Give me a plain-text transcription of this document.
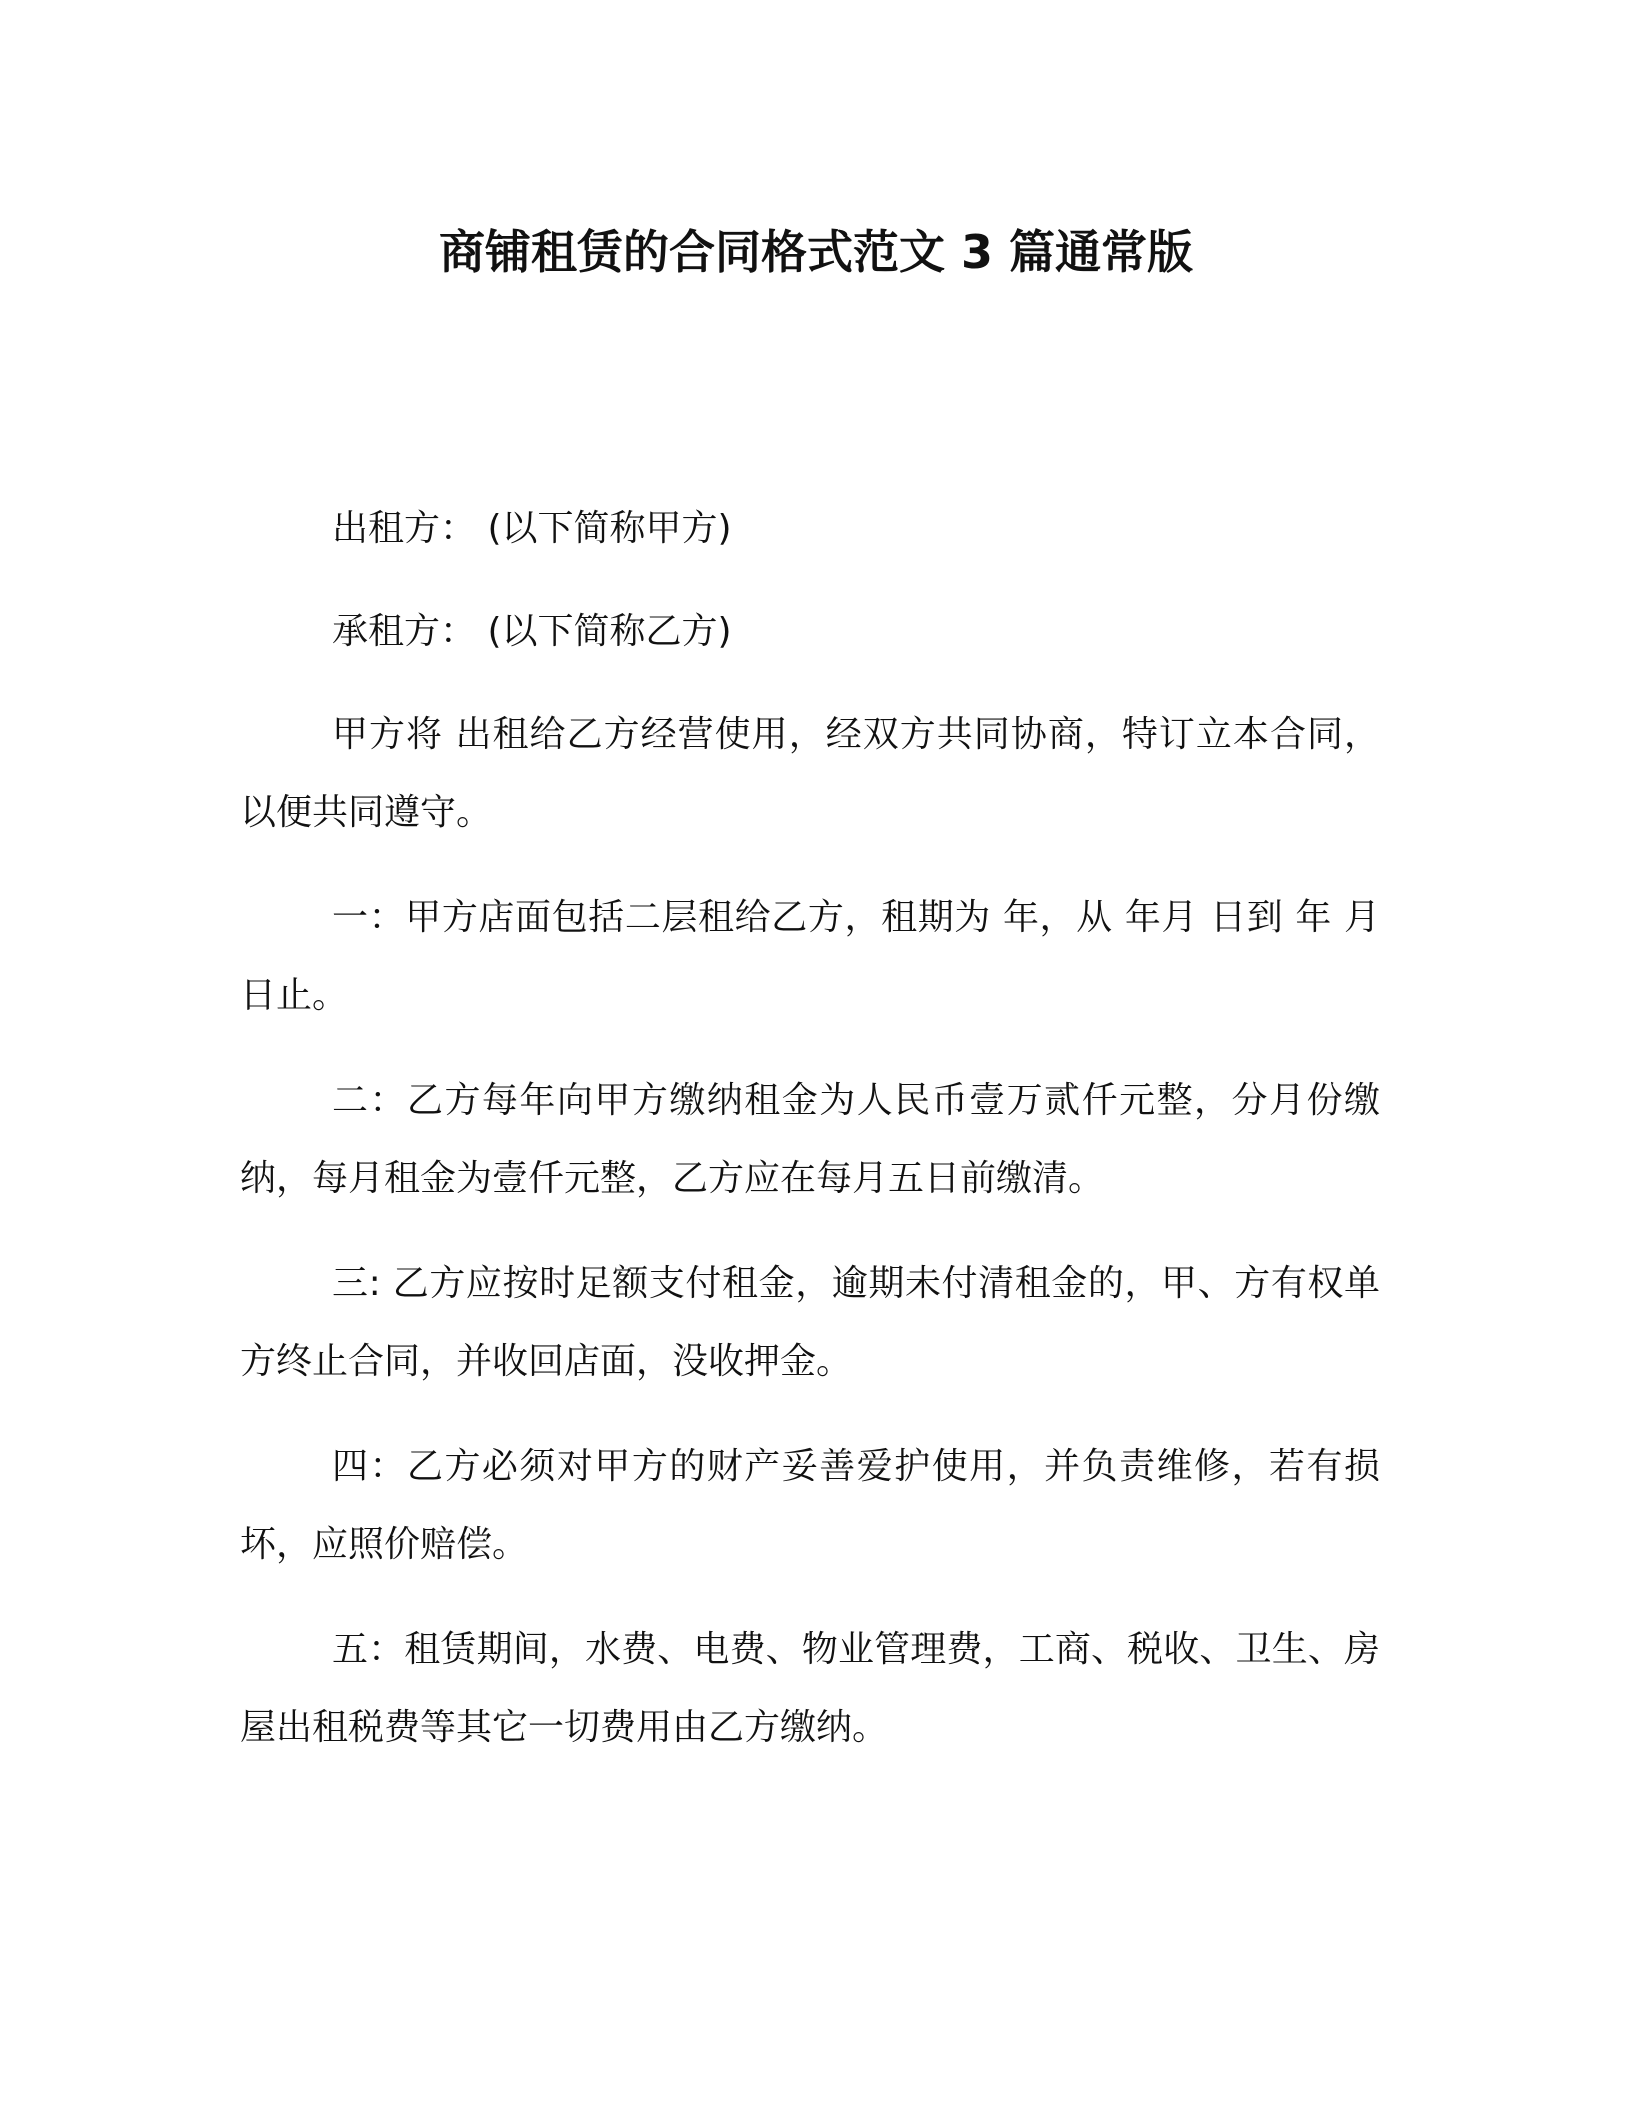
商铺租赁的合同格式范文 3 篇通常版

出租方： (以下简称甲方)

承租方： (以下简称乙方)

甲方将 出租给乙方经营使用，经双方共同协商，特订立本合同，以便共同遵守。

一：甲方店面包括二层租给乙方，租期为 年，从 年月 日到 年 月日止。

二：乙方每年向甲方缴纳租金为人民币壹万贰仟元整，分月份缴纳，每月租金为壹仟元整，乙方应在每月五日前缴清。

三: 乙方应按时足额支付租金，逾期未付清租金的，甲、方有权单方终止合同，并收回店面，没收押金。

四：乙方必须对甲方的财产妥善爱护使用，并负责维修，若有损坏，应照价赔偿。

五：租赁期间，水费、电费、物业管理费，工商、税收、卫生、房屋出租税费等其它一切费用由乙方缴纳。
